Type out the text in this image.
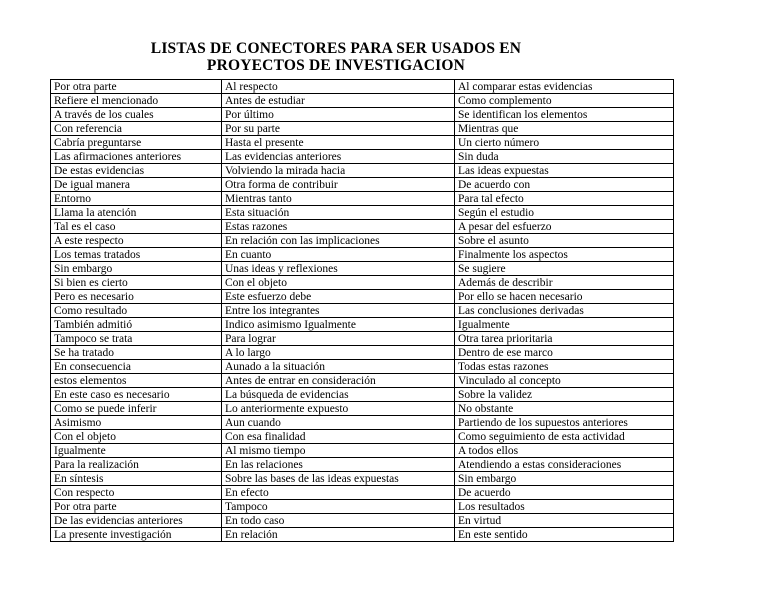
LISTAS DE CONECTORES PARA SER USADOS EN
PROYECTOS DE INVESTIGACION
Por otra parte	Al respecto	Al comparar estas evidencias
Refiere el mencionado	Antes de estudiar	Como complemento
A través de los cuales	Por último	Se identifican los elementos
Con referencia	Por su parte	Mientras que
Cabría preguntarse	Hasta el presente	Un cierto número
Las afirmaciones anteriores	Las evidencias anteriores	Sin duda
De estas evidencias	Volviendo la mirada hacia	Las ideas expuestas
De igual manera	Otra forma de contribuir	De acuerdo con
Entorno	Mientras tanto	Para tal efecto
Llama la atención	Esta situación	Según el estudio
Tal es el caso	Estas razones	A pesar del esfuerzo
A este respecto	En relación con las implicaciones	Sobre el asunto
Los temas tratados	En cuanto	Finalmente los aspectos
Sin embargo	Unas ideas y reflexiones	Se sugiere
Si bien es cierto	Con el objeto	Además de describir
Pero es necesario	Este esfuerzo debe	Por ello se hacen necesario
Como resultado	Entre los integrantes	Las conclusiones derivadas
También admitió	Indico asimismo Igualmente	Igualmente
Tampoco se trata	Para lograr	Otra tarea prioritaria
Se ha tratado	A lo largo	Dentro de ese marco
En consecuencia	Aunado a la situación	Todas estas razones
estos elementos	Antes de entrar en consideración	Vinculado al concepto
En este caso es necesario	La búsqueda de evidencias	Sobre la validez
Como se puede inferir	Lo anteriormente expuesto	No obstante
Asimismo	Aun cuando	Partiendo de los supuestos anteriores
Con el objeto	Con esa finalidad	Como seguimiento de esta actividad
Igualmente	Al mismo tiempo	A todos ellos
Para la realización	En las relaciones	Atendiendo a estas consideraciones
En síntesis	Sobre las bases de las ideas expuestas	Sin embargo
Con respecto	En efecto	De acuerdo
Por otra parte	Tampoco	Los resultados
De las evidencias anteriores	En todo caso	En virtud
La presente investigación	En relación	En este sentido
